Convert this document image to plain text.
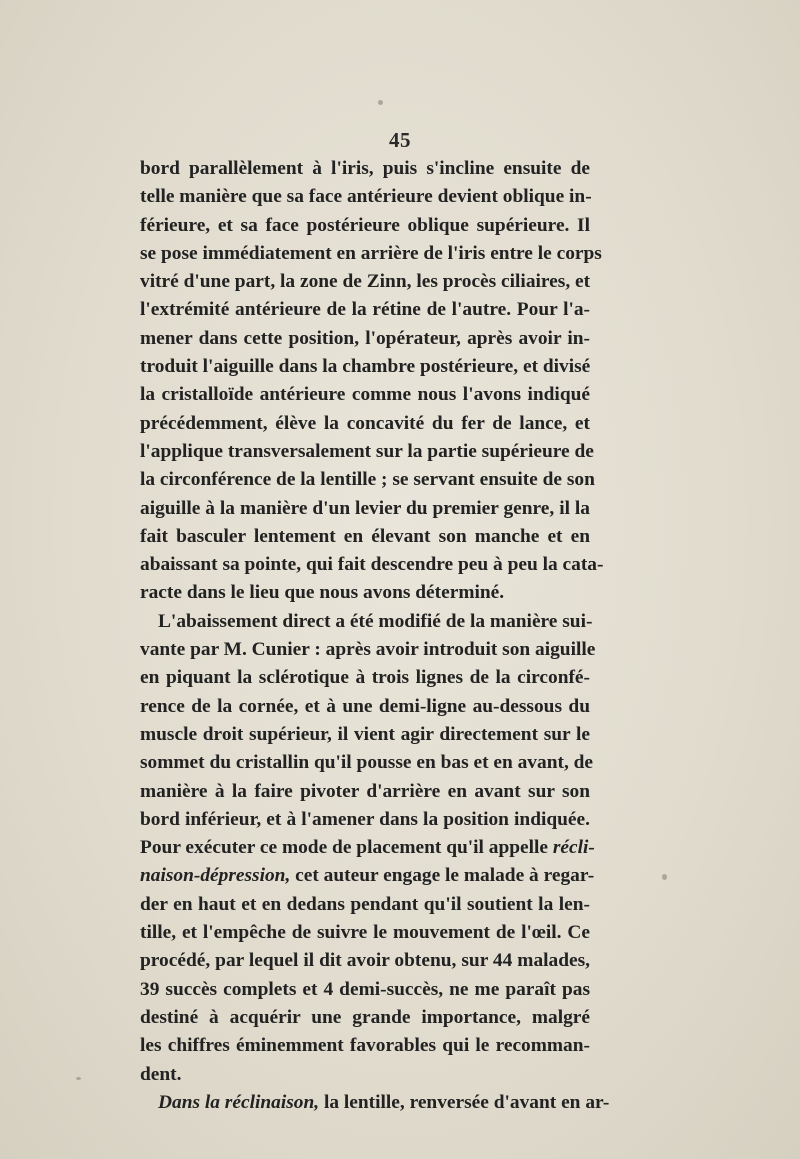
45
bord parallèlement à l'iris, puis s'incline ensuite de
telle manière que sa face antérieure devient oblique in-
férieure, et sa face postérieure oblique supérieure. Il
se pose immédiatement en arrière de l'iris entre le corps
vitré d'une part, la zone de Zinn, les procès ciliaires, et
l'extrémité antérieure de la rétine de l'autre. Pour l'a-
mener dans cette position, l'opérateur, après avoir in-
troduit l'aiguille dans la chambre postérieure, et divisé
la cristalloïde antérieure comme nous l'avons indiqué
précédemment, élève la concavité du fer de lance, et
l'applique transversalement sur la partie supérieure de
la circonférence de la lentille ; se servant ensuite de son
aiguille à la manière d'un levier du premier genre, il la
fait basculer lentement en élevant son manche et en
abaissant sa pointe, qui fait descendre peu à peu la cata-
racte dans le lieu que nous avons déterminé.
L'abaissement direct a été modifié de la manière sui-
vante par M. Cunier : après avoir introduit son aiguille
en piquant la sclérotique à trois lignes de la circonfé-
rence de la cornée, et à une demi-ligne au-dessous du
muscle droit supérieur, il vient agir directement sur le
sommet du cristallin qu'il pousse en bas et en avant, de
manière à la faire pivoter d'arrière en avant sur son
bord inférieur, et à l'amener dans la position indiquée.
Pour exécuter ce mode de placement qu'il appelle récli-
naison-dépression, cet auteur engage le malade à regar-
der en haut et en dedans pendant qu'il soutient la len-
tille, et l'empêche de suivre le mouvement de l'œil. Ce
procédé, par lequel il dit avoir obtenu, sur 44 malades,
39 succès complets et 4 demi-succès, ne me paraît pas
destiné à acquérir une grande importance, malgré
les chiffres éminemment favorables qui le recomman-
dent.
Dans la réclinaison, la lentille, renversée d'avant en ar-
